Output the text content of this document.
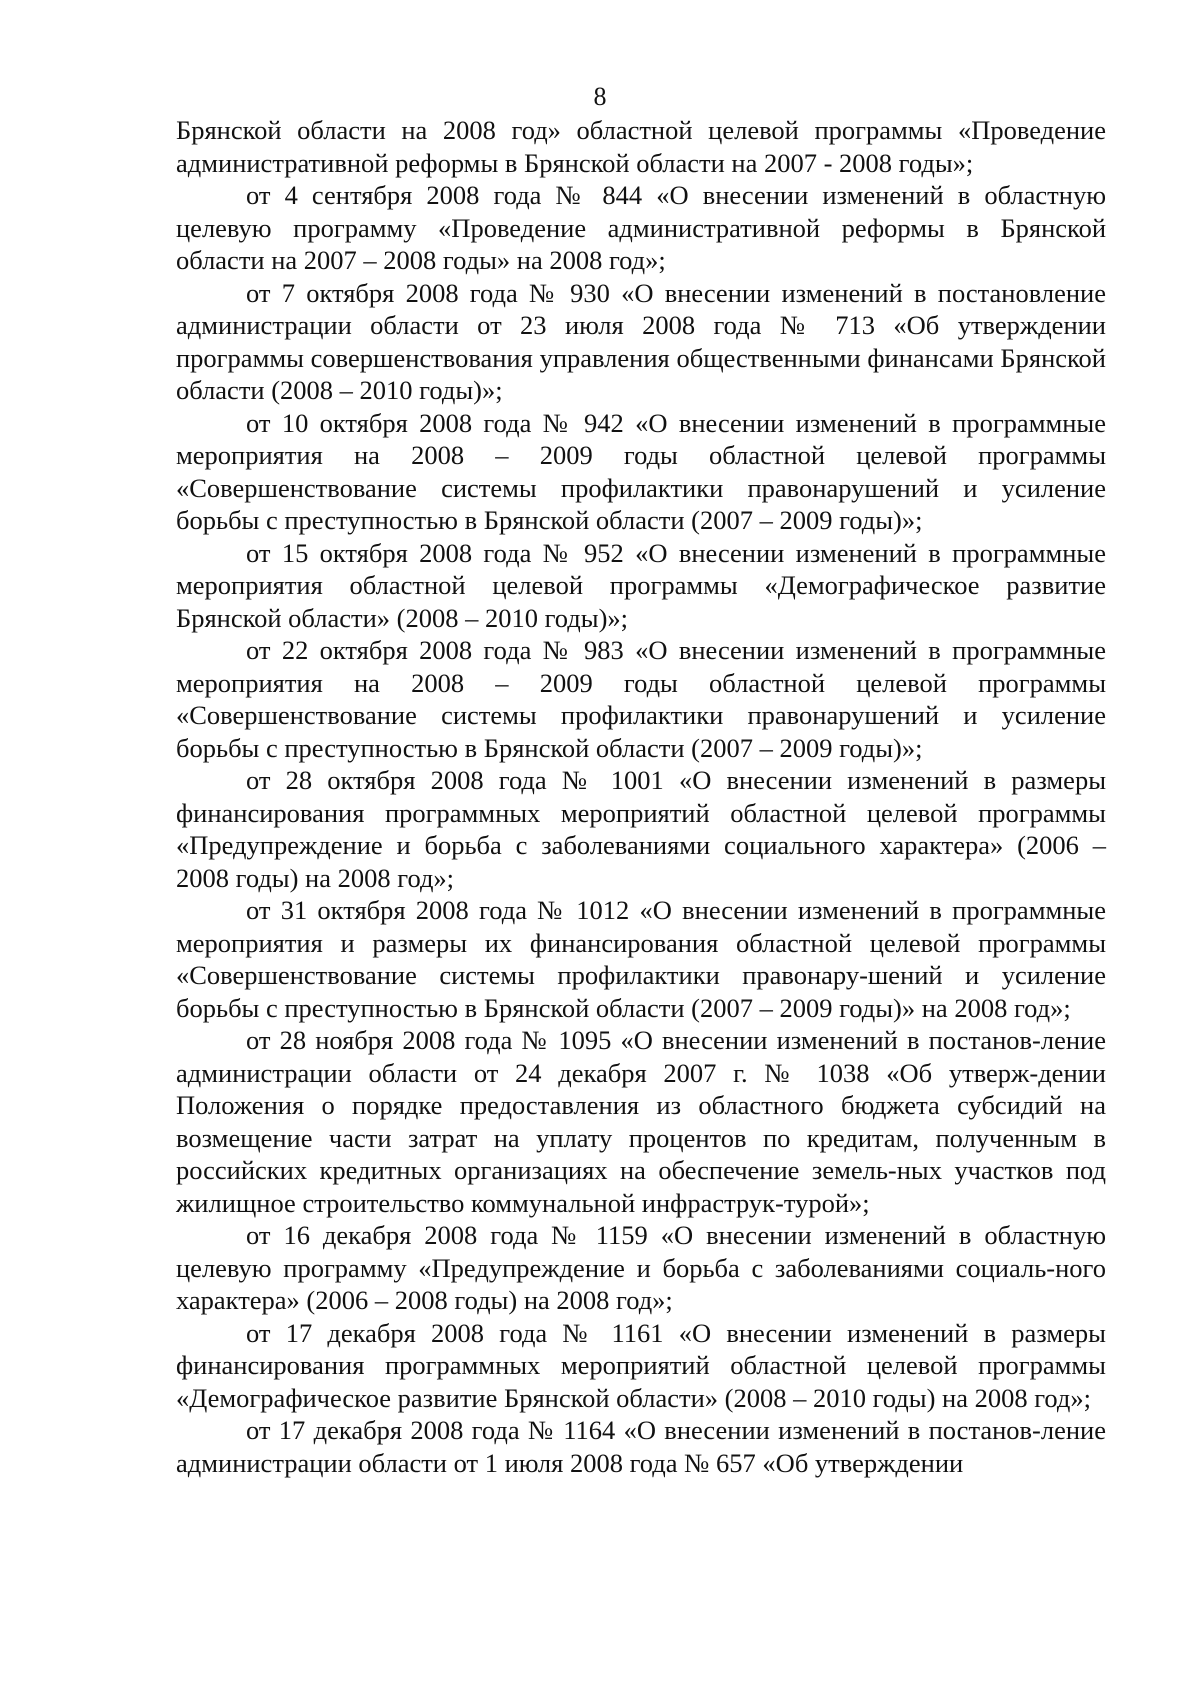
8

Брянской области на 2008 год» областной целевой программы «Проведение административной реформы в Брянской области на 2007 - 2008 годы»;

от 4 сентября 2008 года № 844 «О внесении изменений в областную целевую программу «Проведение административной реформы в Брянской области на 2007 – 2008 годы» на 2008 год»;

от 7 октября 2008 года № 930 «О внесении изменений в постановление администрации области от 23 июля 2008 года № 713 «Об утверждении программы совершенствования управления общественными финансами Брянской области (2008 – 2010 годы)»;

от 10 октября 2008 года № 942 «О внесении изменений в программные мероприятия на 2008 – 2009 годы областной целевой программы «Совершенствование системы профилактики правонарушений и усиление борьбы с преступностью в Брянской области (2007 – 2009 годы)»;

от 15 октября 2008 года № 952 «О внесении изменений в программные мероприятия областной целевой программы «Демографическое развитие Брянской области» (2008 – 2010 годы)»;

от 22 октября 2008 года № 983 «О внесении изменений в программные мероприятия на 2008 – 2009 годы областной целевой программы «Совершенствование системы профилактики правонарушений и усиление борьбы с преступностью в Брянской области (2007 – 2009 годы)»;

от 28 октября 2008 года № 1001 «О внесении изменений в размеры финансирования программных мероприятий областной целевой программы «Предупреждение и борьба с заболеваниями социального характера» (2006 – 2008 годы) на 2008 год»;

от 31 октября 2008 года № 1012 «О внесении изменений в программные мероприятия и размеры их финансирования областной целевой программы «Совершенствование системы профилактики правонару-шений и усиление борьбы с преступностью в Брянской области (2007 – 2009 годы)» на 2008 год»;

от 28 ноября 2008 года № 1095 «О внесении изменений в постанов-ление администрации области от 24 декабря 2007 г. № 1038 «Об утверж-дении Положения о порядке предоставления из областного бюджета субсидий на возмещение части затрат на уплату процентов по кредитам, полученным в российских кредитных организациях на обеспечение земель-ных участков под жилищное строительство коммунальной инфраструк-турой»;

от 16 декабря 2008 года № 1159 «О внесении изменений в областную целевую программу «Предупреждение и борьба с заболеваниями социаль-ного характера» (2006 – 2008 годы) на 2008 год»;

от 17 декабря 2008 года № 1161 «О внесении изменений в размеры финансирования программных мероприятий областной целевой программы «Демографическое развитие Брянской области» (2008 – 2010 годы) на 2008 год»;

от 17 декабря 2008 года № 1164 «О внесении изменений в постанов-ление администрации области от 1 июля 2008 года № 657 «Об утверждении
